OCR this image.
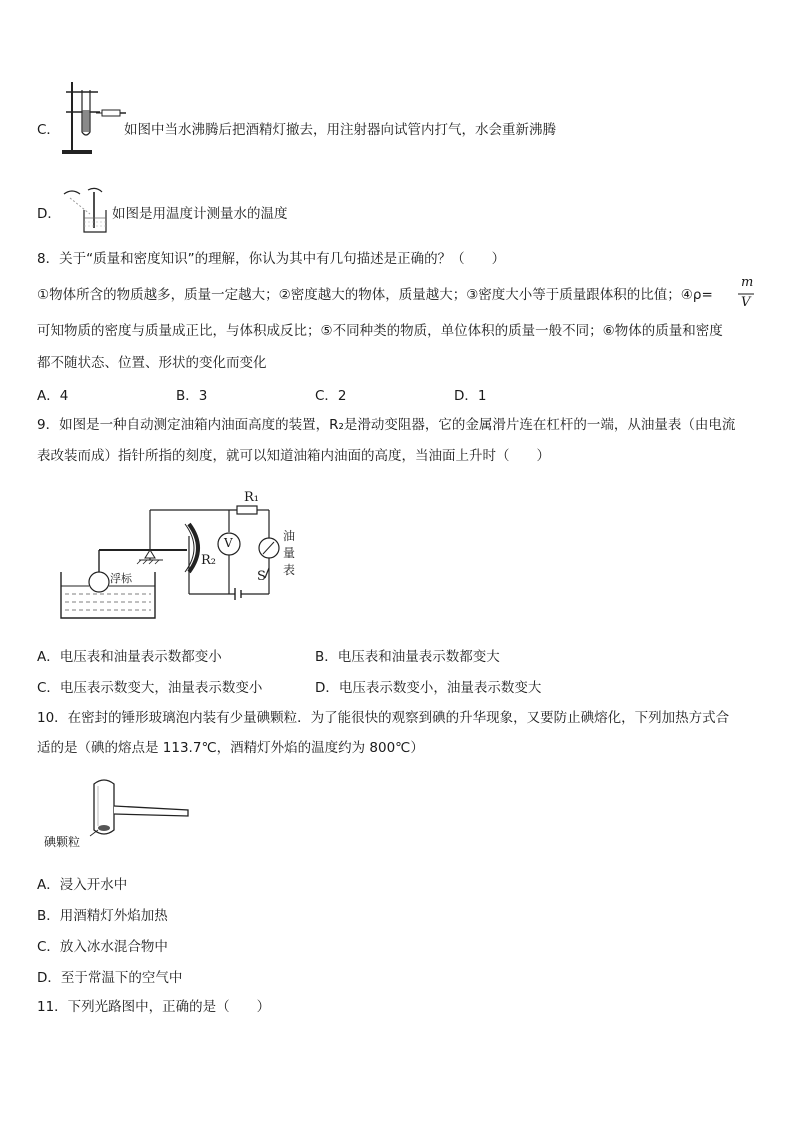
C．	如图中当水沸腾后把酒精灯撤去，用注射器向试管内打气，水会重新沸腾
D．	如图是用温度计测量水的温度
8．关于“质量和密度知识”的理解，你认为其中有几句描述是正确的？（　　）
①物体所含的物质越多，质量一定越大；②密度越大的物体，质量越大；③密度大小等于质量跟体积的比值；④ρ=
m
V
可知物质的密度与质量成正比，与体积成反比；⑤不同种类的物质，单位体积的质量一般不同；⑥物体的质量和密度
都不随状态、位置、形状的变化而变化
A．4	B．3	C．2	D．1
9．如图是一种自动测定油箱内油面高度的装置，R₂是滑动变阻器，它的金属滑片连在杠杆的一端，从油量表（由电流
表改装而成）指针所指的刻度，就可以知道油箱内油面的高度，当油面上升时（　　）
R₁
R₂
V
S
浮标
油
量
表
A．电压表和油量表示数都变小	B．电压表和油量表示数都变大
C．电压表示数变大，油量表示数变小	D．电压表示数变小，油量表示数变大
10．在密封的锤形玻璃泡内装有少量碘颗粒．为了能很快的观察到碘的升华现象，又要防止碘熔化，下列加热方式合
适的是（碘的熔点是 113.7℃，酒精灯外焰的温度约为 800℃）
碘颗粒
A．浸入开水中
B．用酒精灯外焰加热
C．放入冰水混合物中
D．至于常温下的空气中
11．下列光路图中，正确的是（　　）
